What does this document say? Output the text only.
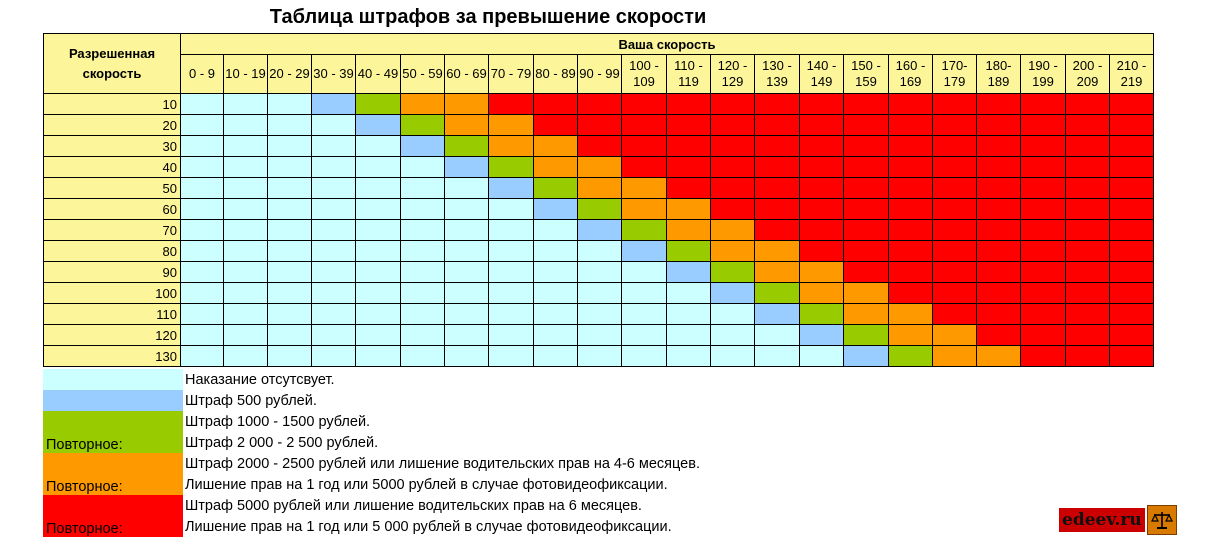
Таблица штрафов за превышение скорости
Разрешенная скорость	Ваша скорость																					
	0 - 9	10 - 19	20 - 29	30 - 39	40 - 49	50 - 59	60 - 69	70 - 79	80 - 89	90 - 99	100 - 109	110 - 119	120 - 129	130 - 139	140 - 149	150 - 159	160 - 169	170- 179	180- 189	190 - 199	200 - 209	210 - 219
10																						
20																						
30																						
40																						
50																						
60																						
70																						
80																						
90																						
100																						
110																						
120																						
130																						
	Наказание отсутсвует.
	Штраф 500 рублей.
	Штраф 1000 - 1500 рублей.
Повторное:	Штраф 2 000 - 2 500 рублей.
	Штраф 2000 - 2500 рублей или лишение водительских прав на 4-6 месяцев.
Повторное:	Лишение прав на 1 год или 5000 рублей в случае фотовидеофиксации.
	Штраф 5000 рублей или лишение водительских прав на 6 месяцев.
Повторное:	Лишение прав на 1 год или 5 000 рублей в случае фотовидеофиксации.	edeev.ru
